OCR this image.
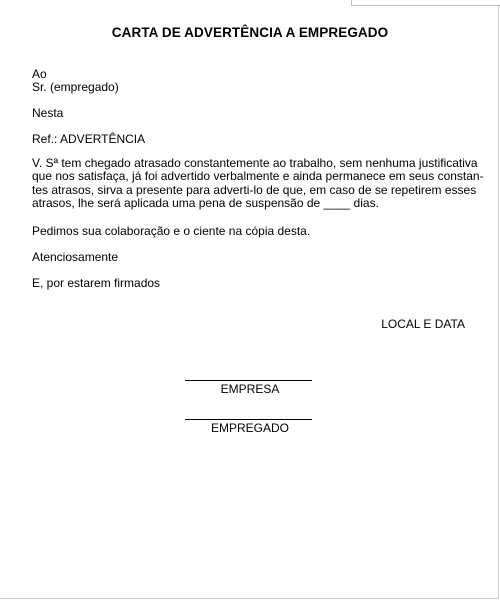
CARTA DE ADVERTÊNCIA A EMPREGADO
Ao
Sr. (empregado)
Nesta
Ref.: ADVERTÊNCIA
V. Sª tem chegado atrasado constantemente ao trabalho, sem nenhuma justificativa
que nos satisfaça, já foi advertido verbalmente e ainda permanece em seus constan-
tes atrasos, sirva a presente para adverti-lo de que, em caso de se repetirem esses
atrasos, lhe será aplicada uma pena de suspensão de ____ dias.
Pedimos sua colaboração e o ciente na cópia desta.
Atenciosamente
E, por estarem firmados
LOCAL E DATA
EMPRESA
EMPREGADO
